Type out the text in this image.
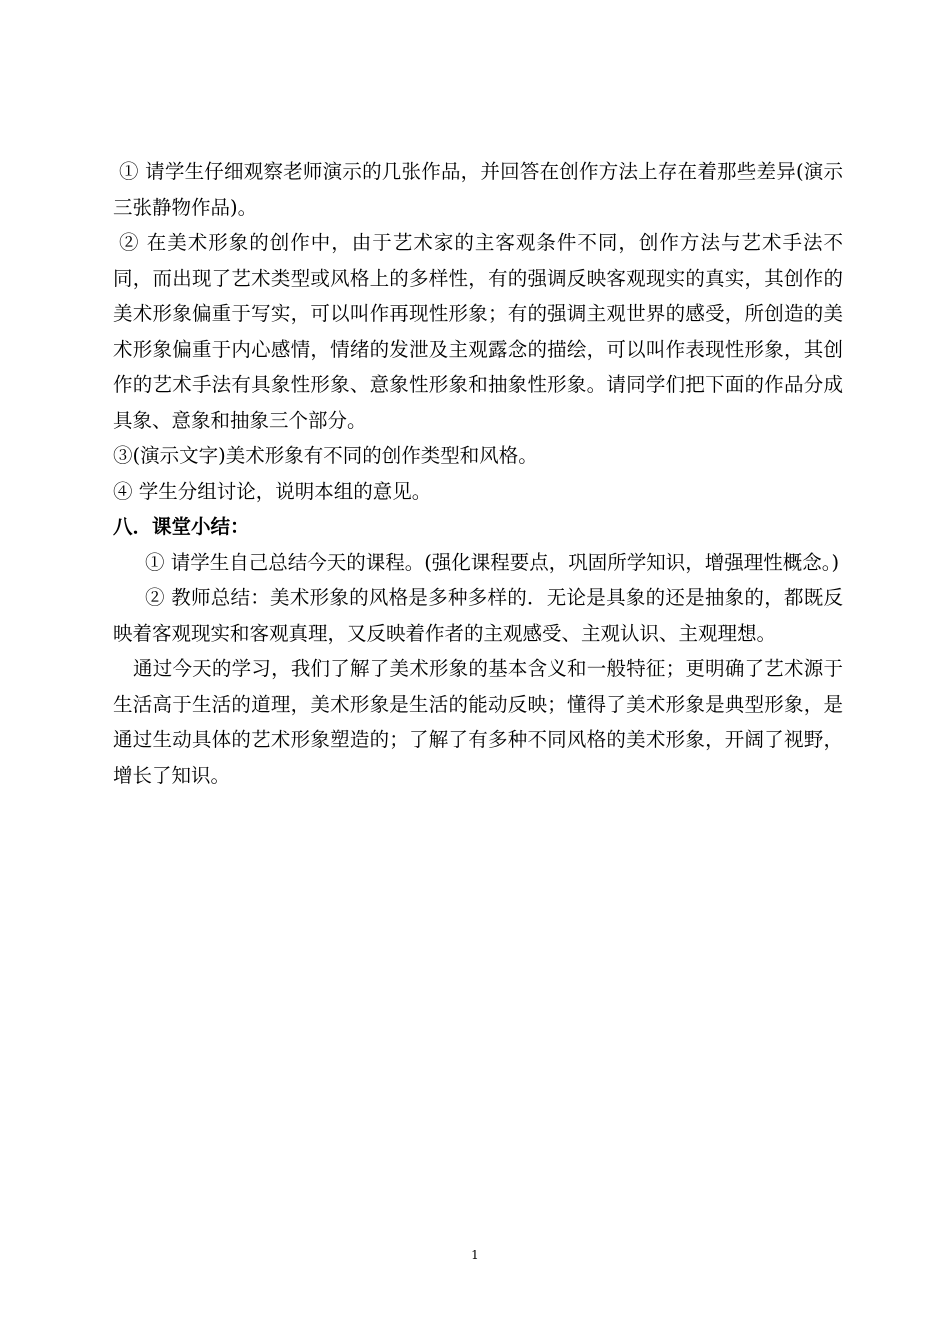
① 请学生仔细观察老师演示的几张作品，并回答在创作方法上存在着那些差异(演示三张静物作品)。

② 在美术形象的创作中，由于艺术家的主客观条件不同，创作方法与艺术手法不同，而出现了艺术类型或风格上的多样性，有的强调反映客观现实的真实，其创作的美术形象偏重于写实，可以叫作再现性形象；有的强调主观世界的感受，所创造的美术形象偏重于内心感情，情绪的发泄及主观露念的描绘，可以叫作表现性形象，其创作的艺术手法有具象性形象、意象性形象和抽象性形象。请同学们把下面的作品分成具象、意象和抽象三个部分。

③(演示文字)美术形象有不同的创作类型和风格。

④ 学生分组讨论，说明本组的意见。

八．课堂小结：

① 请学生自己总结今天的课程。(强化课程要点，巩固所学知识，增强理性概念。)

② 教师总结：美术形象的风格是多种多样的．无论是具象的还是抽象的，都既反映着客观现实和客观真理，又反映着作者的主观感受、主观认识、主观理想。

通过今天的学习，我们了解了美术形象的基本含义和一般特征；更明确了艺术源于生活高于生活的道理，美术形象是生活的能动反映；懂得了美术形象是典型形象，是通过生动具体的艺术形象塑造的；了解了有多种不同风格的美术形象，开阔了视野，增长了知识。

1
